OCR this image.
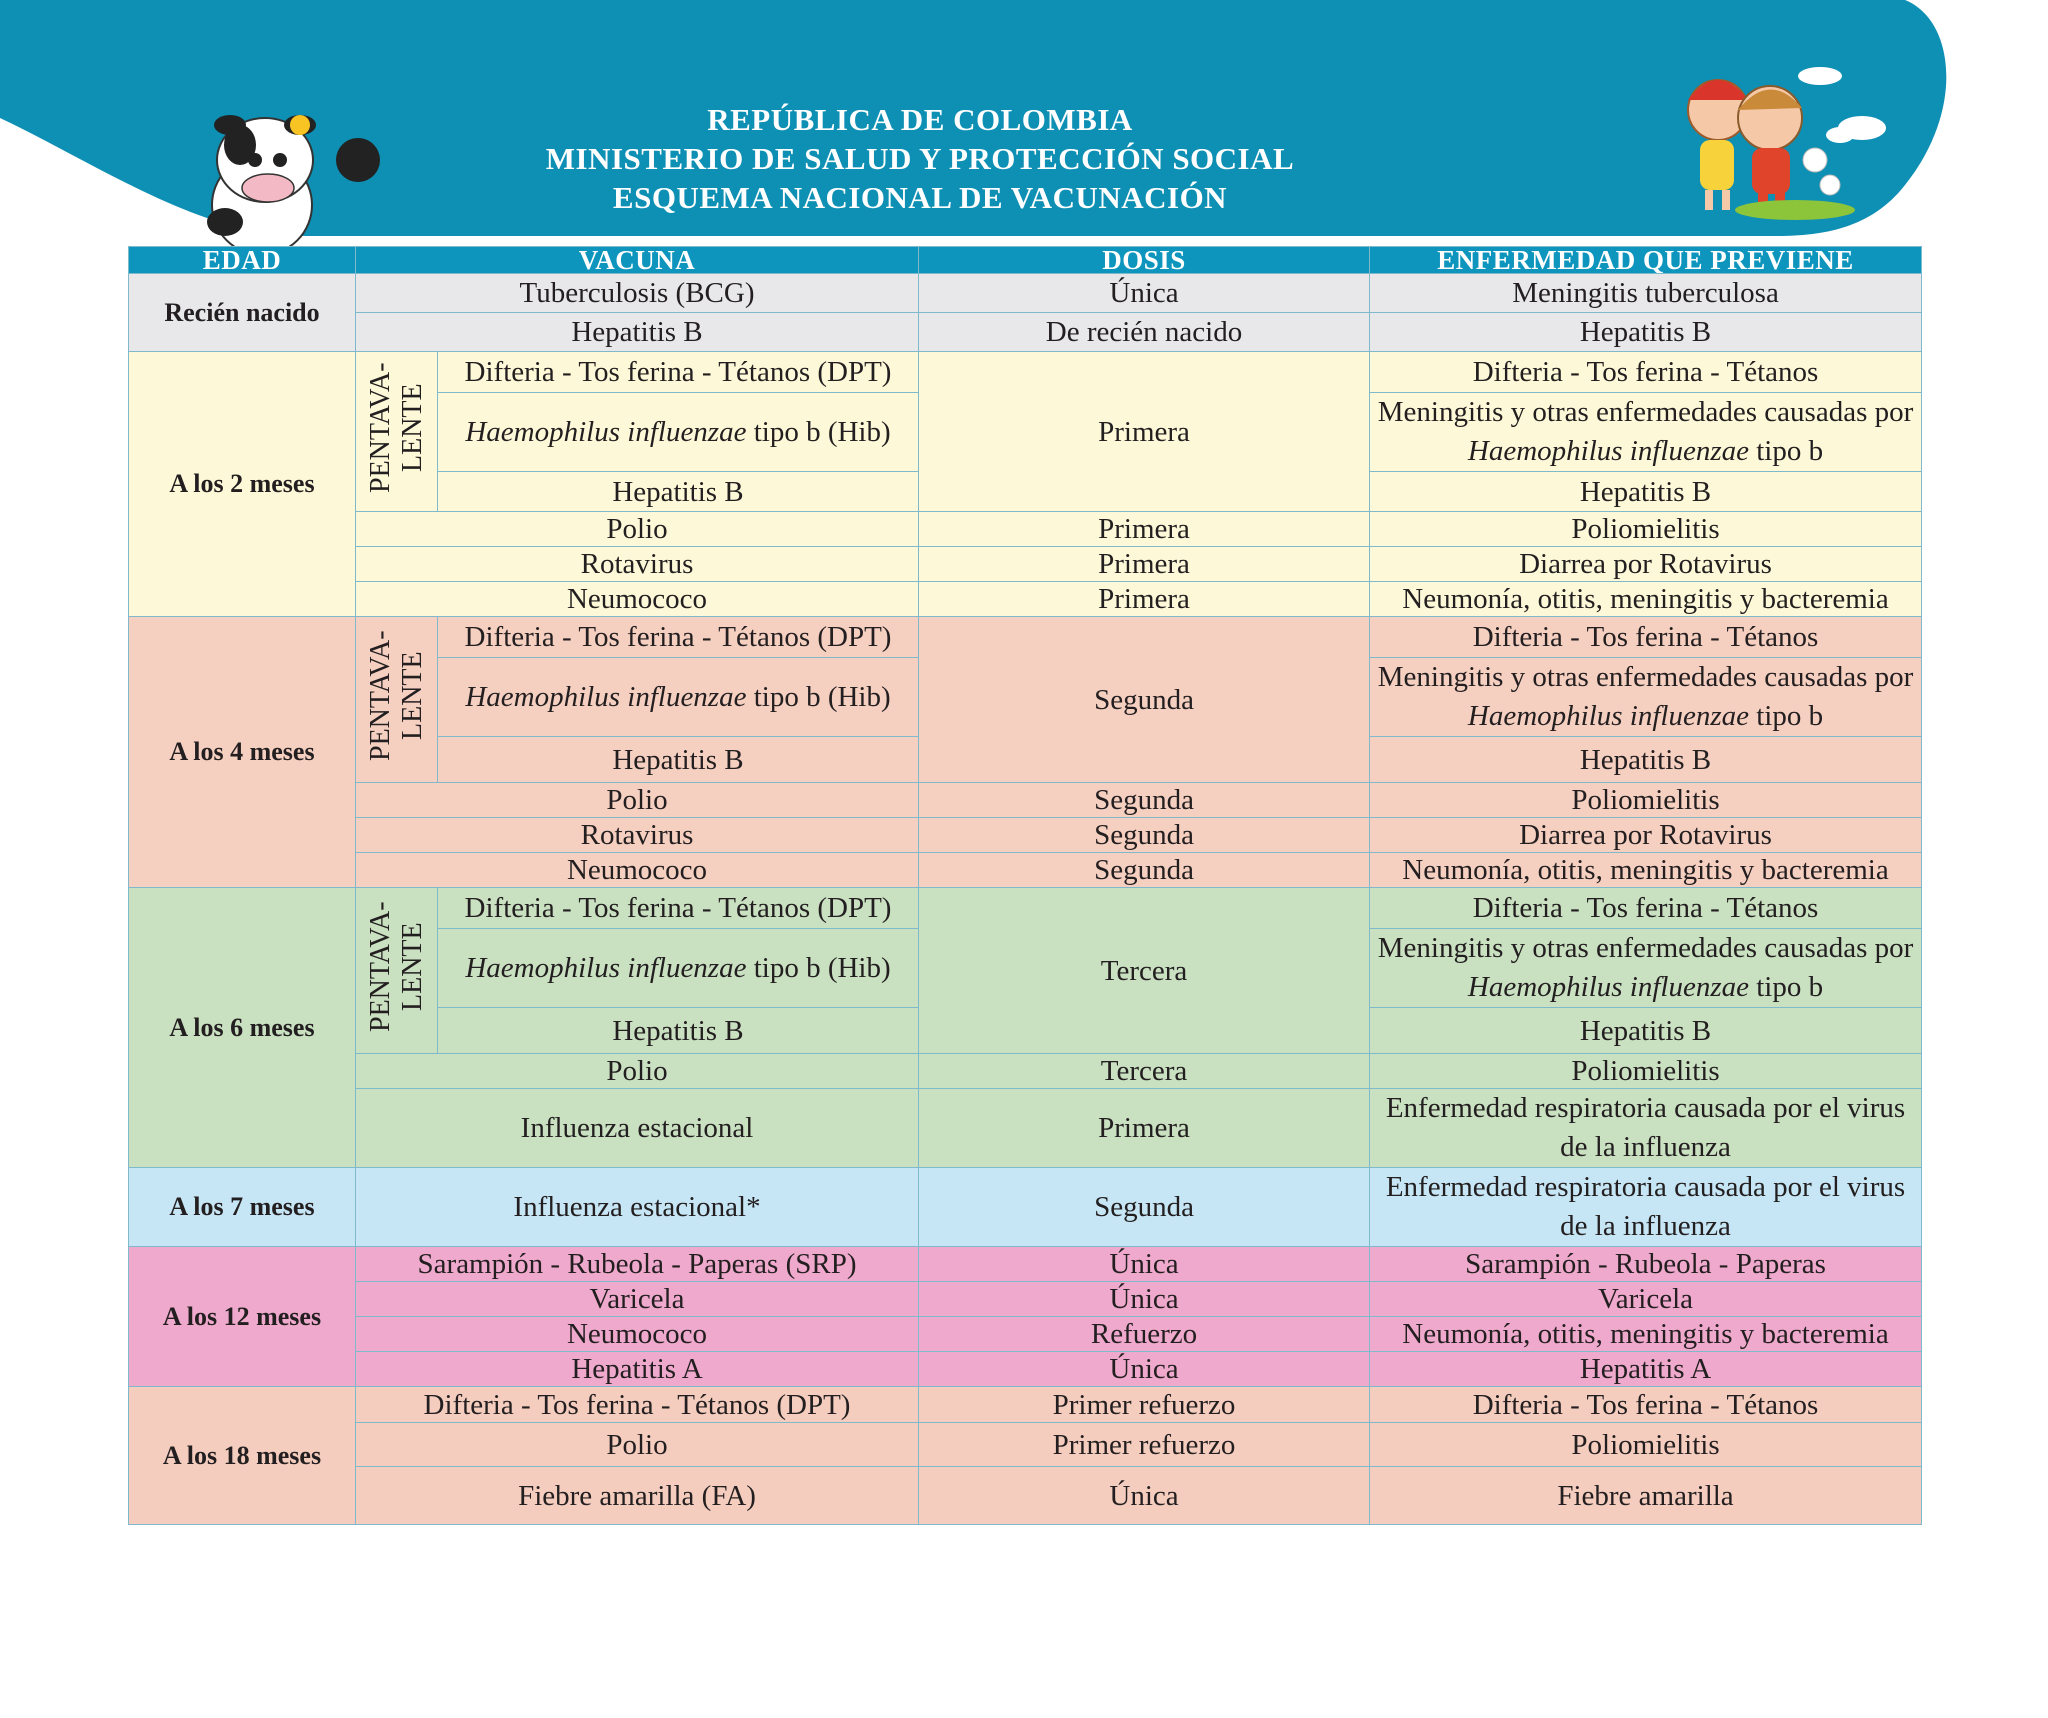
REPÚBLICA DE COLOMBIA
MINISTERIO DE SALUD Y PROTECCIÓN SOCIAL
ESQUEMA NACIONAL DE VACUNACIÓN
EDAD	VACUNA		DOSIS	ENFERMEDAD QUE PREVIENE
Recién nacido	Tuberculosis (BCG)		Única	Meningitis tuberculosa
	Hepatitis B		De recién nacido	Hepatitis B
A los 2 meses	PENTAVA-LENTE	Difteria - Tos ferina - Tétanos (DPT)	Primera	Difteria - Tos ferina - Tétanos
		Haemophilus influenzae tipo b (Hib)		Meningitis y otras enfermedades causadas por Haemophilus influenzae tipo b
		Hepatitis B		Hepatitis B
	Polio		Primera	Poliomielitis
	Rotavirus		Primera	Diarrea por Rotavirus
	Neumococo		Primera	Neumonía, otitis, meningitis y bacteremia
A los 4 meses	PENTAVA-LENTE	Difteria - Tos ferina - Tétanos (DPT)	Segunda	Difteria - Tos ferina - Tétanos
		Haemophilus influenzae tipo b (Hib)		Meningitis y otras enfermedades causadas por Haemophilus influenzae tipo b
		Hepatitis B		Hepatitis B
	Polio		Segunda	Poliomielitis
	Rotavirus		Segunda	Diarrea por Rotavirus
	Neumococo		Segunda	Neumonía, otitis, meningitis y bacteremia
A los 6 meses	PENTAVA-LENTE	Difteria - Tos ferina - Tétanos (DPT)	Tercera	Difteria - Tos ferina - Tétanos
		Haemophilus influenzae tipo b (Hib)		Meningitis y otras enfermedades causadas por Haemophilus influenzae tipo b
		Hepatitis B		Hepatitis B
	Polio		Tercera	Poliomielitis
	Influenza estacional		Primera	Enfermedad respiratoria causada por el virus de la influenza
A los 7 meses	Influenza estacional*		Segunda	Enfermedad respiratoria causada por el virus de la influenza
A los 12 meses	Sarampión - Rubeola - Paperas (SRP)		Única	Sarampión - Rubeola - Paperas
	Varicela		Única	Varicela
	Neumococo		Refuerzo	Neumonía, otitis, meningitis y bacteremia
	Hepatitis A		Única	Hepatitis A
A los 18 meses	Difteria - Tos ferina - Tétanos (DPT)		Primer refuerzo	Difteria - Tos ferina - Tétanos
	Polio		Primer refuerzo	Poliomielitis
	Fiebre amarilla (FA)		Única	Fiebre amarilla
